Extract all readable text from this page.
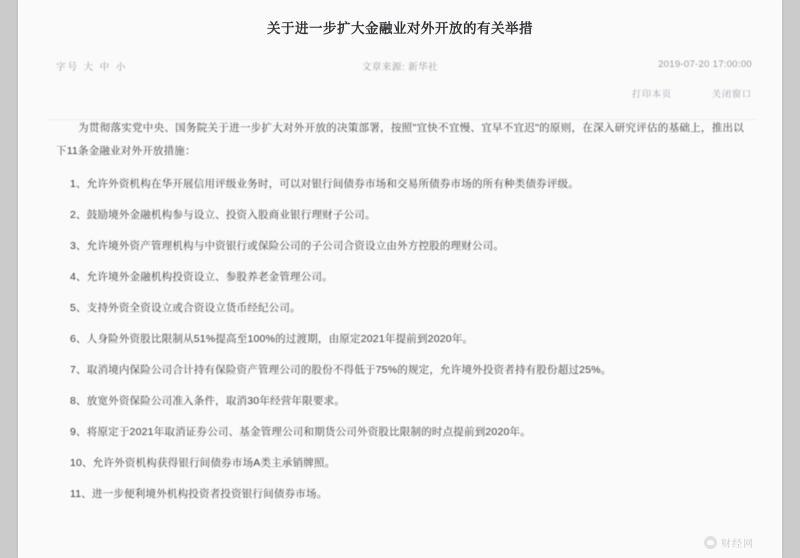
关于进一步扩大金融业对外开放的有关举措
字号 大 中 小	文章来源: 新华社	2019-07-20 17:00:00
打印本页	关闭窗口
为贯彻落实党中央、国务院关于进一步扩大对外开放的决策部署，按照"宜快不宜慢、宜早不宜迟"的原则，在深入研究评估的基础上，推出以下11条金融业对外开放措施：
1、允许外资机构在华开展信用评级业务时，可以对银行间债券市场和交易所债券市场的所有种类债券评级。
2、鼓励境外金融机构参与设立、投资入股商业银行理财子公司。
3、允许境外资产管理机构与中资银行或保险公司的子公司合资设立由外方控股的理财公司。
4、允许境外金融机构投资设立、参股养老金管理公司。
5、支持外资全资设立或合资设立货币经纪公司。
6、人身险外资股比限制从51%提高至100%的过渡期，由原定2021年提前到2020年。
7、取消境内保险公司合计持有保险资产管理公司的股份不得低于75%的规定，允许境外投资者持有股份超过25%。
8、放宽外资保险公司准入条件，取消30年经营年限要求。
9、将原定于2021年取消证券公司、基金管理公司和期货公司外资股比限制的时点提前到2020年。
10、允许外资机构获得银行间债券市场A类主承销牌照。
11、进一步便利境外机构投资者投资银行间债券市场。
财经网
